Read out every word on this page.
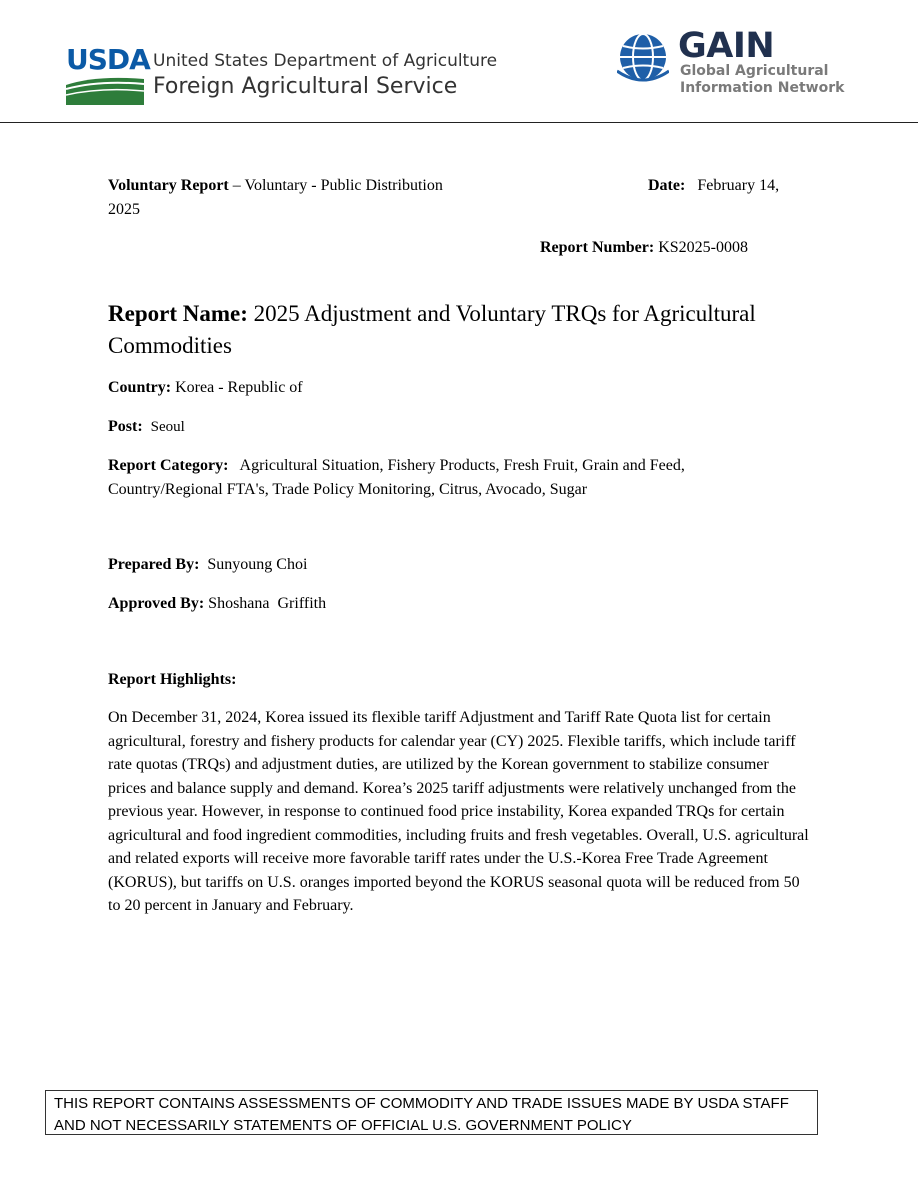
USDA United States Department of Agriculture
Foreign Agricultural Service
GAIN
Global Agricultural
Information Network
Voluntary Report – Voluntary - Public Distribution	Date: February 14,
2025
Report Number: KS2025-0008
Report Name: 2025 Adjustment and Voluntary TRQs for Agricultural Commodities
Country: Korea - Republic of
Post: Seoul
Report Category: Agricultural Situation, Fishery Products, Fresh Fruit, Grain and Feed, Country/Regional FTA's, Trade Policy Monitoring, Citrus, Avocado, Sugar
Prepared By: Sunyoung Choi
Approved By: Shoshana  Griffith
Report Highlights:
On December 31, 2024, Korea issued its flexible tariff Adjustment and Tariff Rate Quota list for certain agricultural, forestry and fishery products for calendar year (CY) 2025. Flexible tariffs, which include tariff rate quotas (TRQs) and adjustment duties, are utilized by the Korean government to stabilize consumer prices and balance supply and demand. Korea’s 2025 tariff adjustments were relatively unchanged from the previous year. However, in response to continued food price instability, Korea expanded TRQs for certain agricultural and food ingredient commodities, including fruits and fresh vegetables. Overall, U.S. agricultural and related exports will receive more favorable tariff rates under the U.S.-Korea Free Trade Agreement (KORUS), but tariffs on U.S. oranges imported beyond the KORUS seasonal quota will be reduced from 50 to 20 percent in January and February.
THIS REPORT CONTAINS ASSESSMENTS OF COMMODITY AND TRADE ISSUES MADE BY USDA STAFF
AND NOT NECESSARILY STATEMENTS OF OFFICIAL U.S. GOVERNMENT POLICY
